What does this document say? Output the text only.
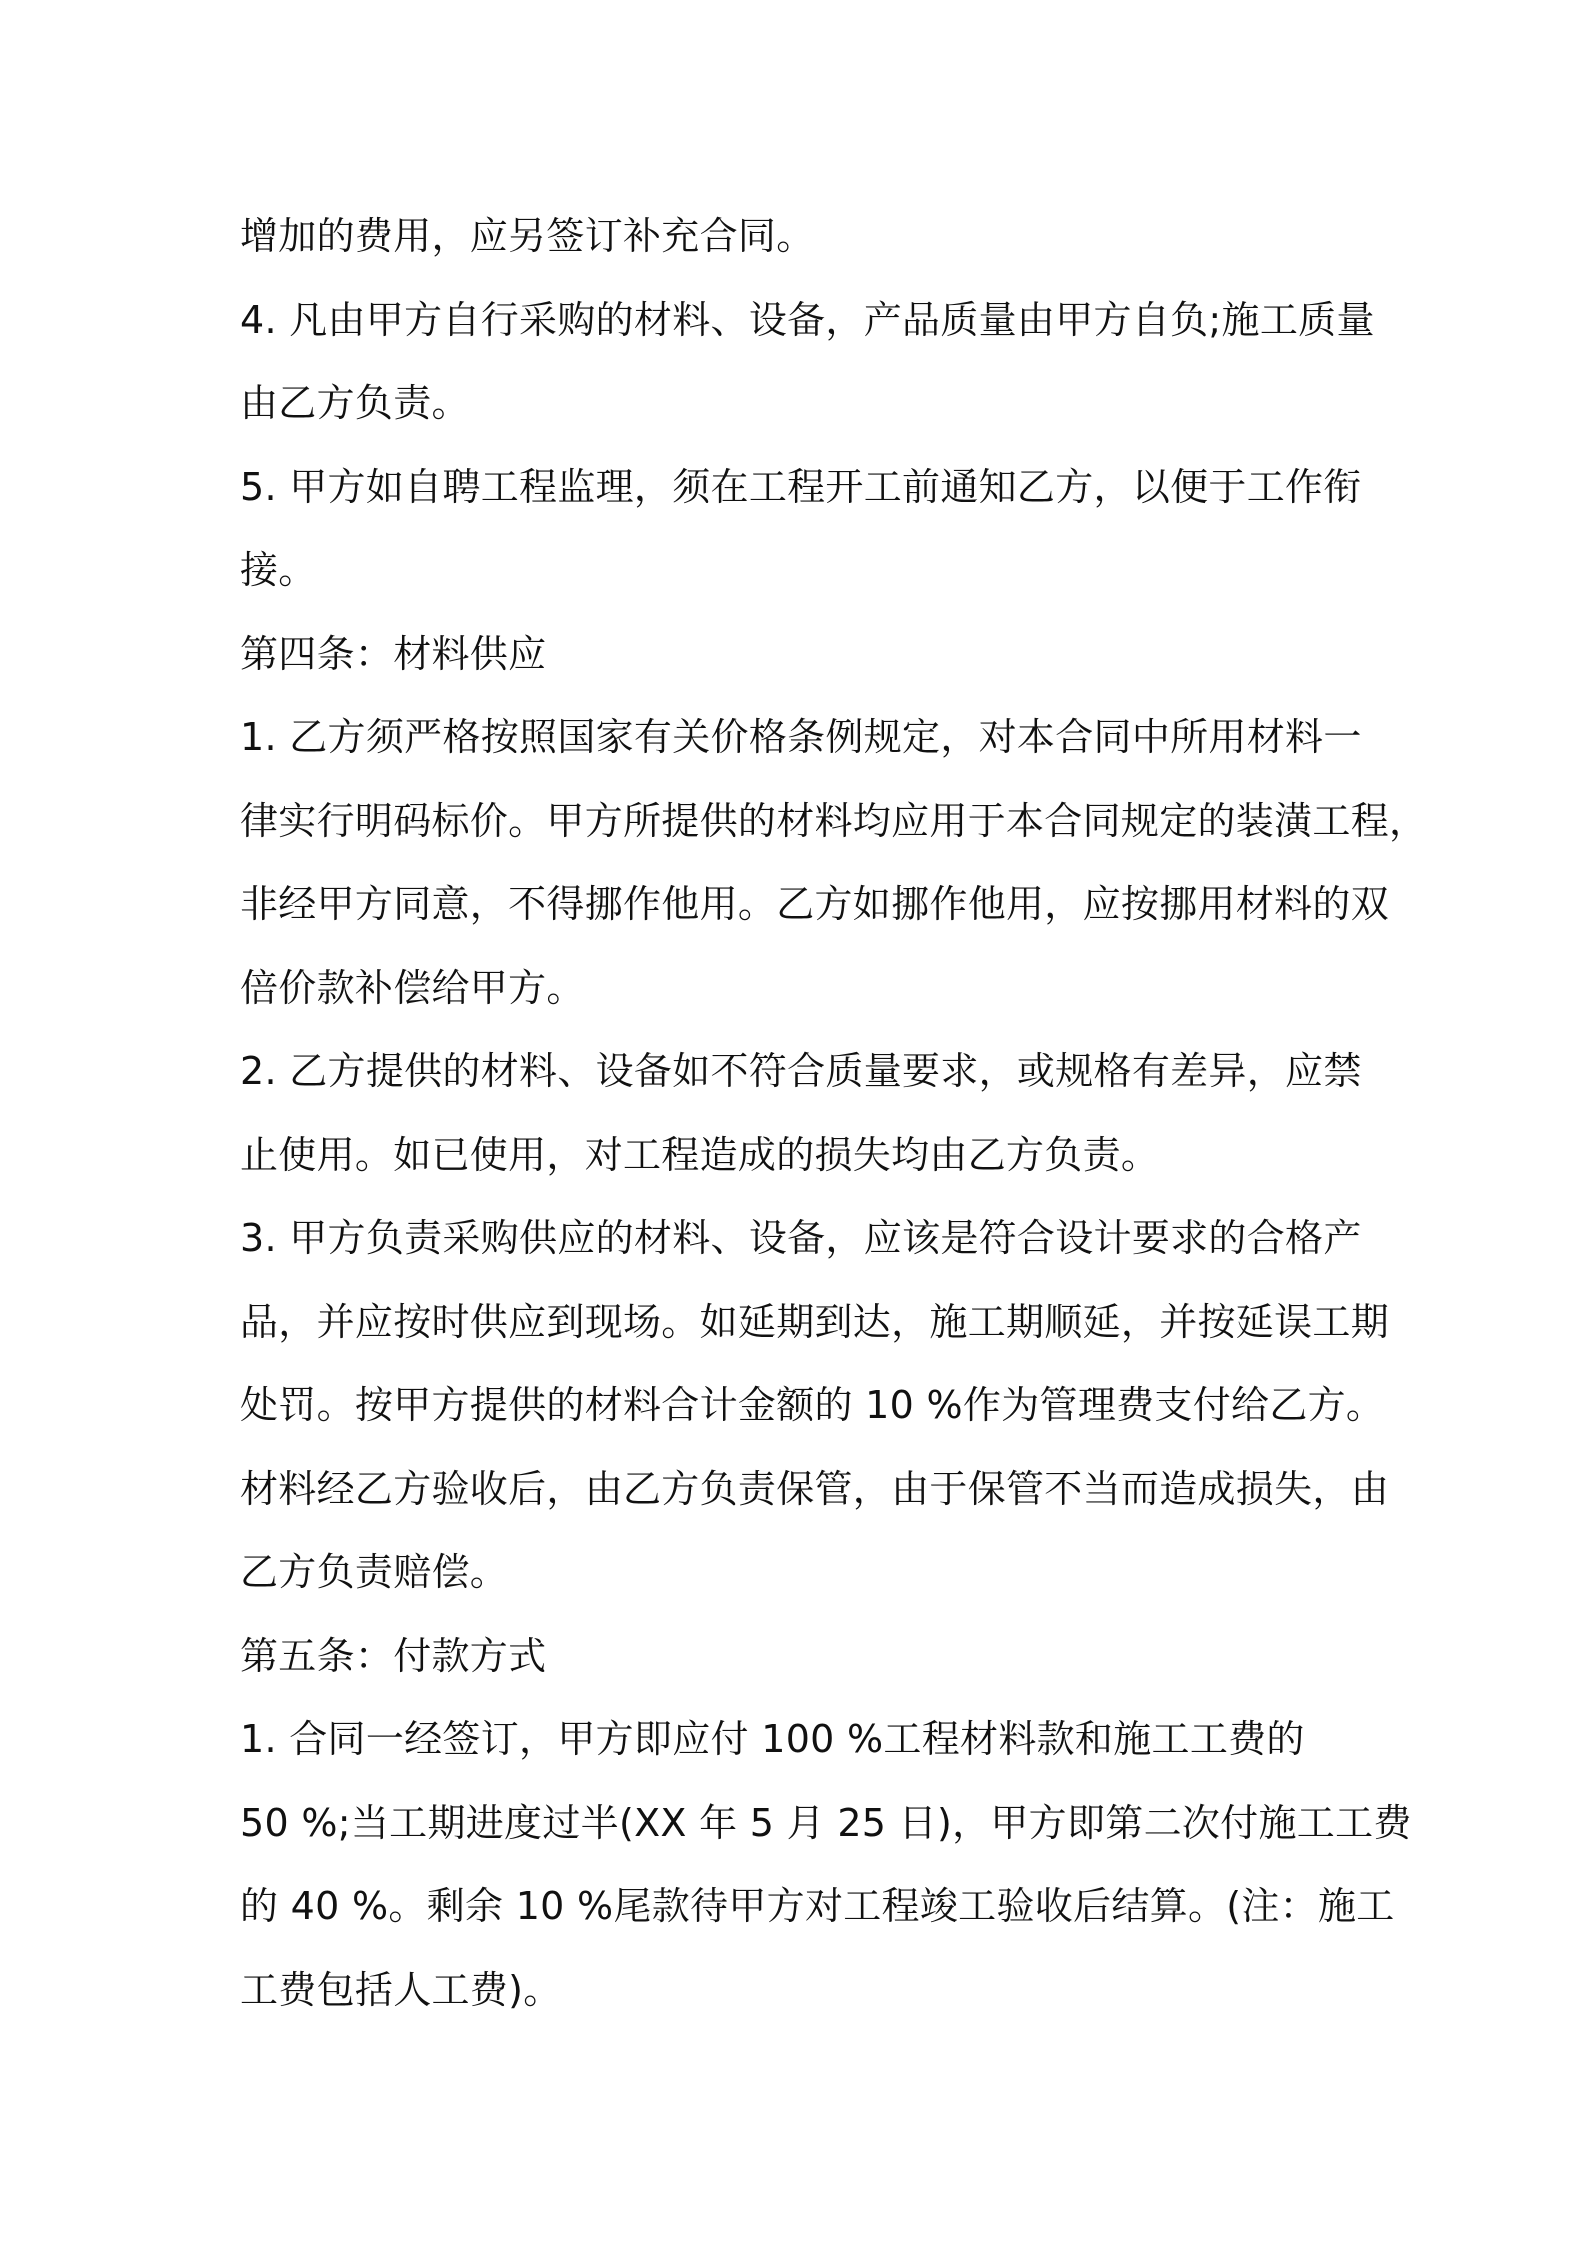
增加的费用，应另签订补充合同。
4. 凡由甲方自行采购的材料、设备，产品质量由甲方自负;施工质量
由乙方负责。
5. 甲方如自聘工程监理，须在工程开工前通知乙方，以便于工作衔
接。
第四条：材料供应
1. 乙方须严格按照国家有关价格条例规定，对本合同中所用材料一
律实行明码标价。甲方所提供的材料均应用于本合同规定的装潢工程，
非经甲方同意，不得挪作他用。乙方如挪作他用，应按挪用材料的双
倍价款补偿给甲方。
2. 乙方提供的材料、设备如不符合质量要求，或规格有差异，应禁
止使用。如已使用，对工程造成的损失均由乙方负责。
3. 甲方负责采购供应的材料、设备，应该是符合设计要求的合格产
品，并应按时供应到现场。如延期到达，施工期顺延，并按延误工期
处罚。按甲方提供的材料合计金额的 10 %作为管理费支付给乙方。
材料经乙方验收后，由乙方负责保管，由于保管不当而造成损失，由
乙方负责赔偿。
第五条：付款方式
1. 合同一经签订，甲方即应付 100 %工程材料款和施工工费的
50 %;当工期进度过半(XX 年 5 月 25 日)，甲方即第二次付施工工费
的 40 %。剩余 10 %尾款待甲方对工程竣工验收后结算。(注：施工
工费包括人工费)。
